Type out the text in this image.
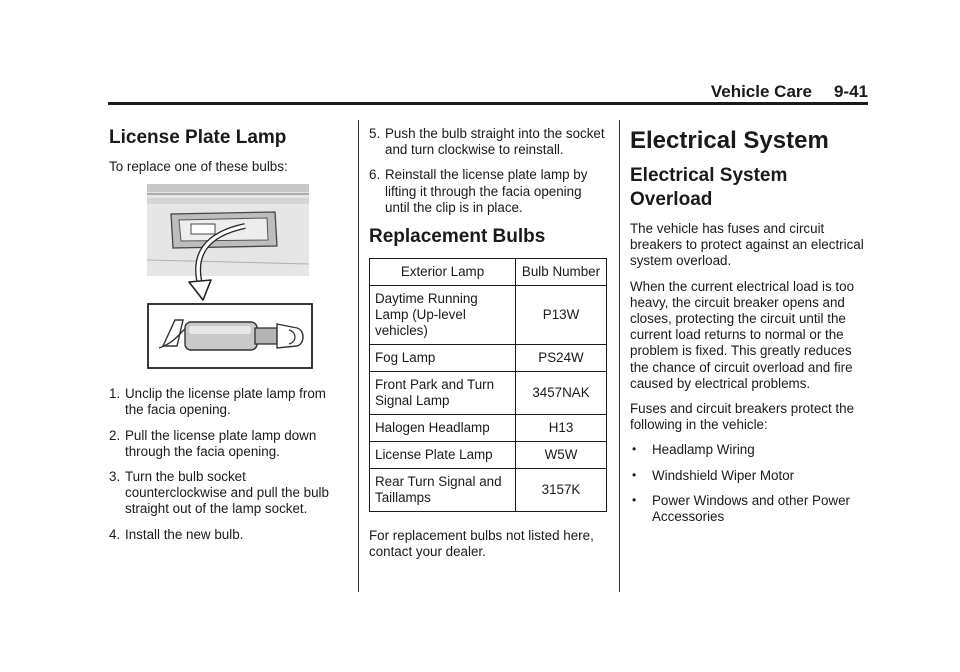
Vehicle Care 9-41
License Plate Lamp

To replace one of these bulbs:

1. Unclip the license plate lamp from the facia opening.
2. Pull the license plate lamp down through the facia opening.
3. Turn the bulb socket counterclockwise and pull the bulb straight out of the lamp socket.
4. Install the new bulb.
5. Push the bulb straight into the socket and turn clockwise to reinstall.
6. Reinstall the license plate lamp by lifting it through the facia opening until the clip is in place.
Replacement Bulbs
Exterior Lamp	Bulb Number
Daytime Running Lamp (Up-level vehicles)	P13W
Fog Lamp	PS24W
Front Park and Turn Signal Lamp	3457NAK
Halogen Headlamp	H13
License Plate Lamp	W5W
Rear Turn Signal and Taillamps	3157K

For replacement bulbs not listed here, contact your dealer.

Electrical System
Electrical System Overload

The vehicle has fuses and circuit breakers to protect against an electrical system overload.

When the current electrical load is too heavy, the circuit breaker opens and closes, protecting the circuit until the current load returns to normal or the problem is fixed. This greatly reduces the chance of circuit overload and fire caused by electrical problems.

Fuses and circuit breakers protect the following in the vehicle:

• Headlamp Wiring
• Windshield Wiper Motor
• Power Windows and other Power Accessories
